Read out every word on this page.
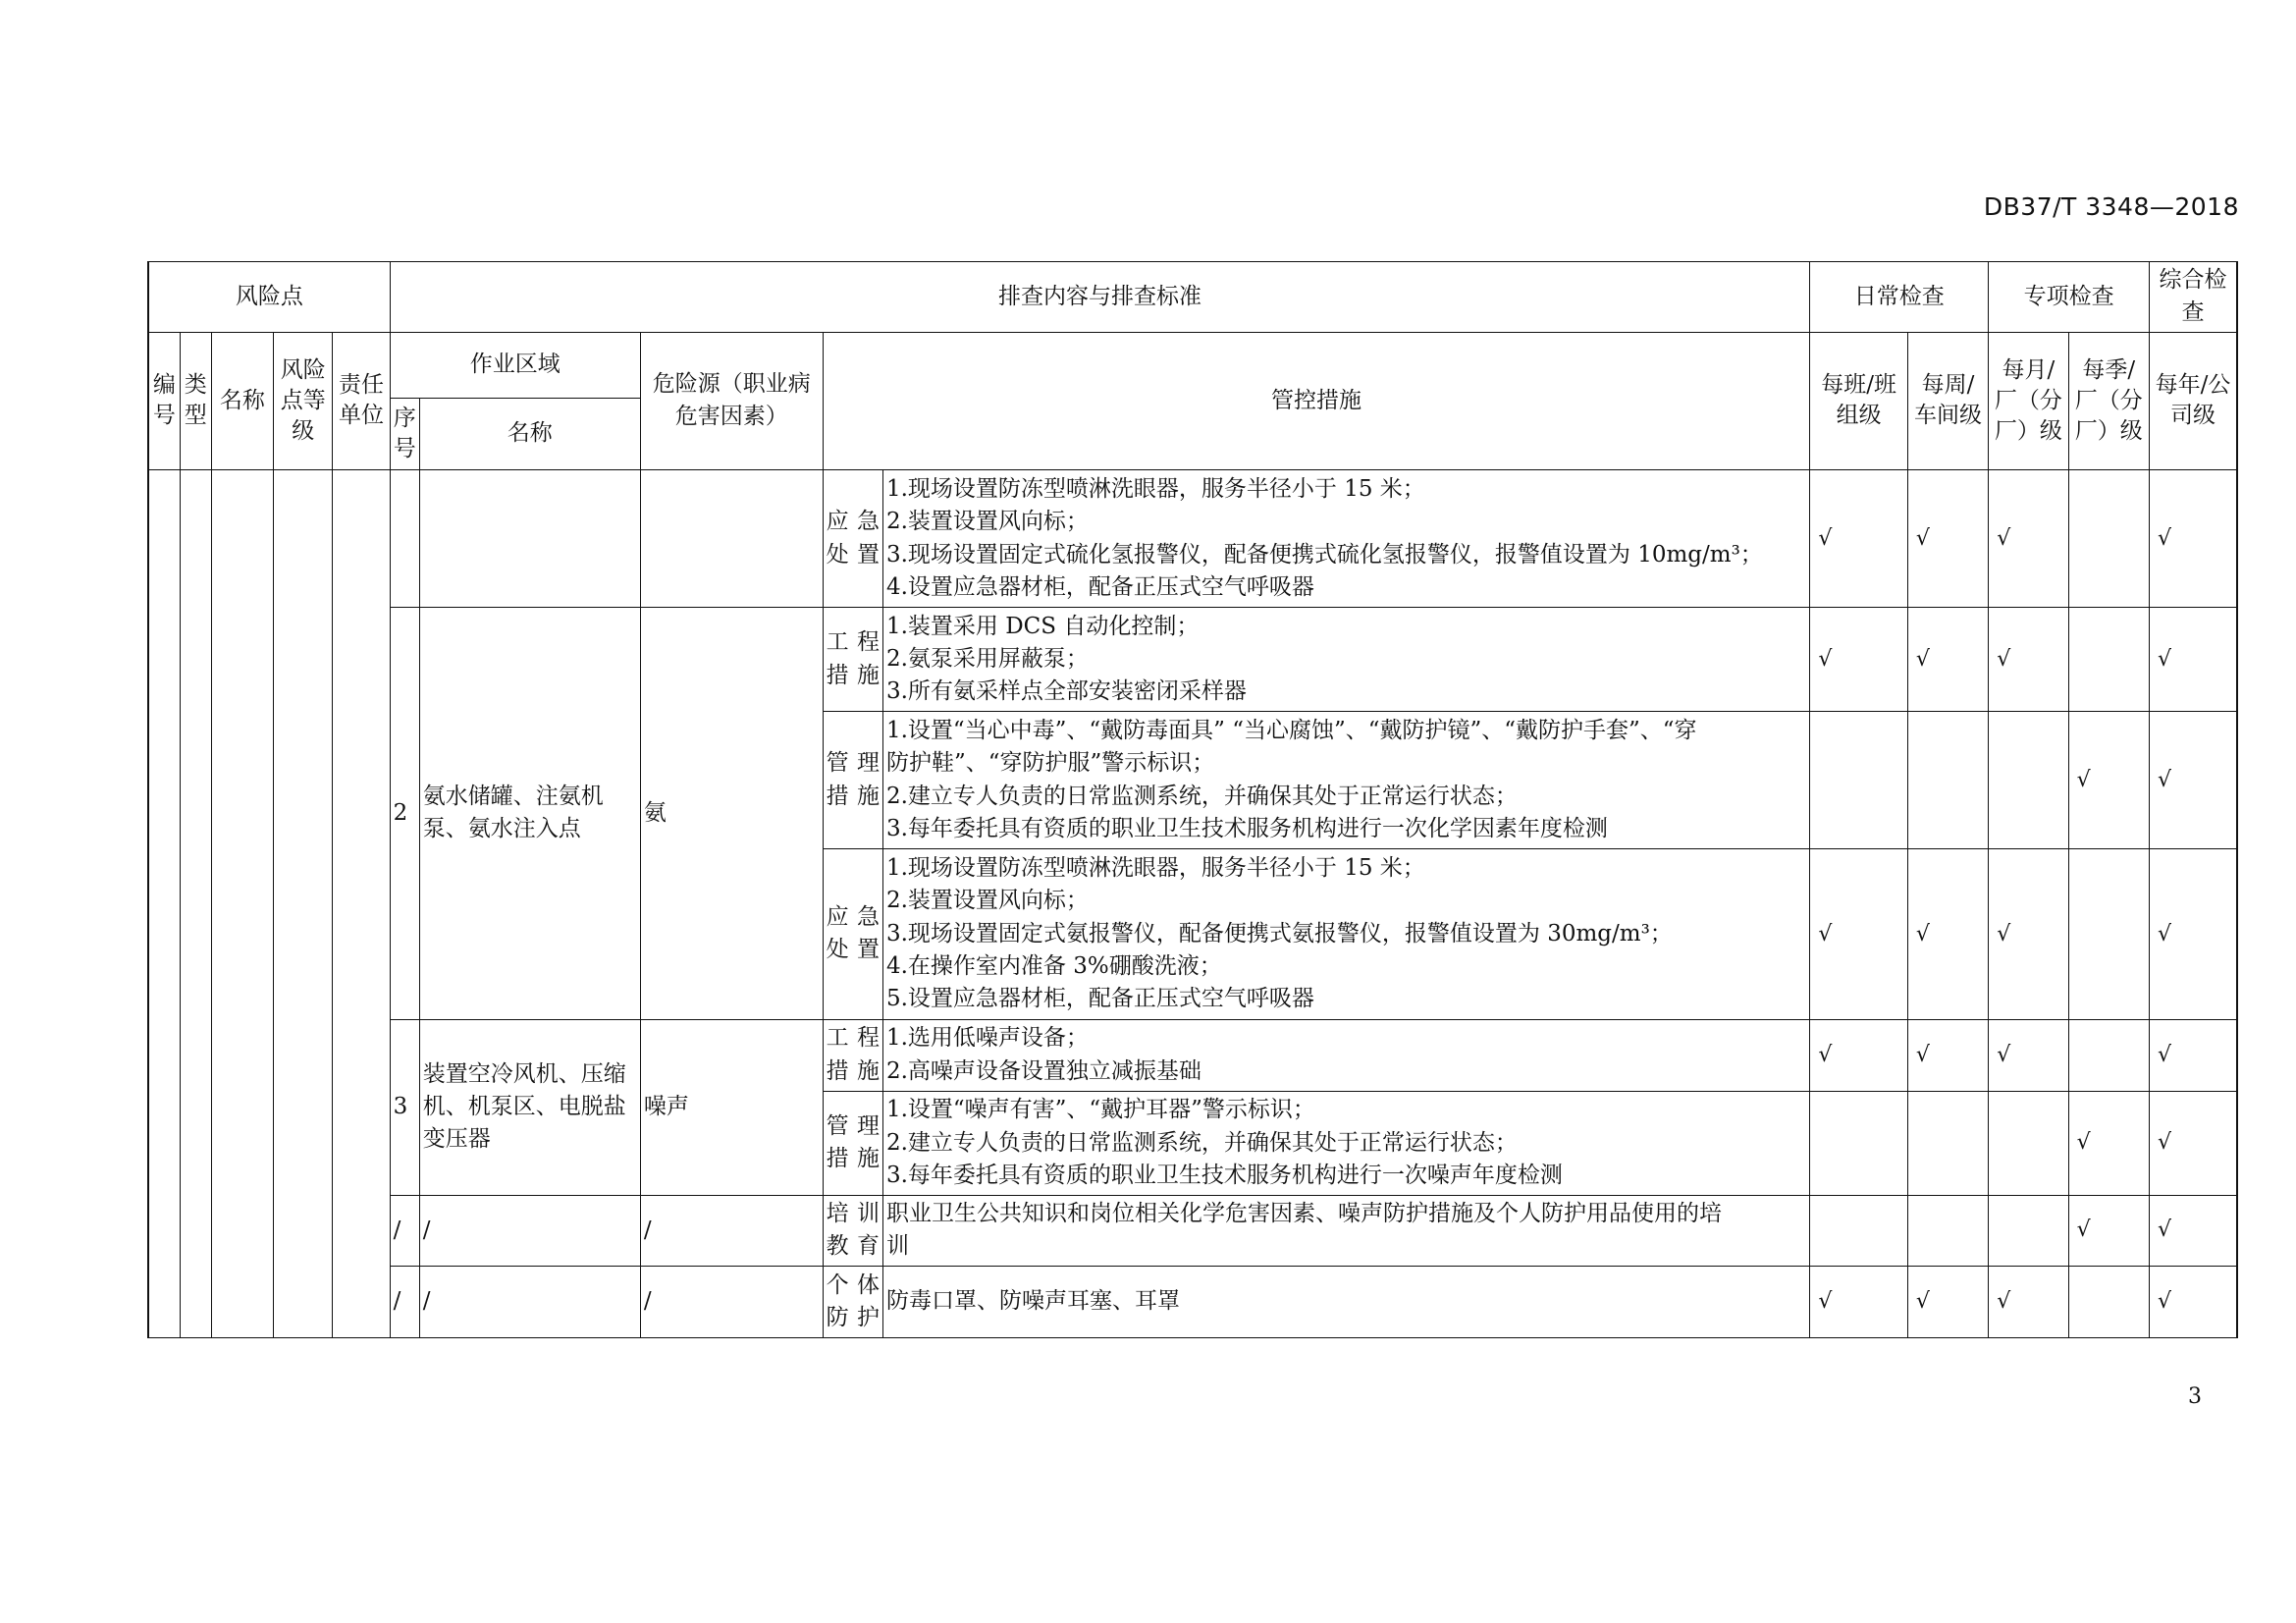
DB37/T 3348—2018
风险点					排查内容与排查标准					日常检查		专项检查		综合检查
编号	类型	名称	风险点等级	责任单位	作业区域		危险源（职业病危害因素）	管控措施		每班/班组级	每周/车间级	每月/厂（分厂）级	每季/厂（分厂）级	每年/公司级
					序号	名称								
								应急处置	1.现场设置防冻型喷淋洗眼器，服务半径小于 15 米；
2.装置设置风向标；
3.现场设置固定式硫化氢报警仪，配备便携式硫化氢报警仪，报警值设置为 10mg/m³；
4.设置应急器材柜，配备正压式空气呼吸器	√	√	√		√
					2	氨水储罐、注氨机泵、氨水注入点	氨	工程措施	1.装置采用 DCS 自动化控制；
2.氨泵采用屏蔽泵；
3.所有氨采样点全部安装密闭采样器	√	√	√		√
								管理措施	1.设置“当心中毒”、“戴防毒面具” “当心腐蚀”、“戴防护镜”、“戴防护手套”、“穿
防护鞋”、“穿防护服”警示标识；
2.建立专人负责的日常监测系统，并确保其处于正常运行状态；
3.每年委托具有资质的职业卫生技术服务机构进行一次化学因素年度检测				√	√
								应急处置	1.现场设置防冻型喷淋洗眼器，服务半径小于 15 米；
2.装置设置风向标；
3.现场设置固定式氨报警仪，配备便携式氨报警仪，报警值设置为 30mg/m³；
4.在操作室内准备 3%硼酸洗液；
5.设置应急器材柜，配备正压式空气呼吸器	√	√	√		√
					3	装置空冷风机、压缩机、机泵区、电脱盐变压器	噪声	工程措施	1.选用低噪声设备；
2.高噪声设备设置独立减振基础	√	√	√		√
								管理措施	1.设置“噪声有害”、“戴护耳器”警示标识；
2.建立专人负责的日常监测系统，并确保其处于正常运行状态；
3.每年委托具有资质的职业卫生技术服务机构进行一次噪声年度检测				√	√
					/	/	/	培训教育	职业卫生公共知识和岗位相关化学危害因素、噪声防护措施及个人防护用品使用的培
训				√	√
					/	/	/	个体防护	防毒口罩、防噪声耳塞、耳罩	√	√	√		√
3
